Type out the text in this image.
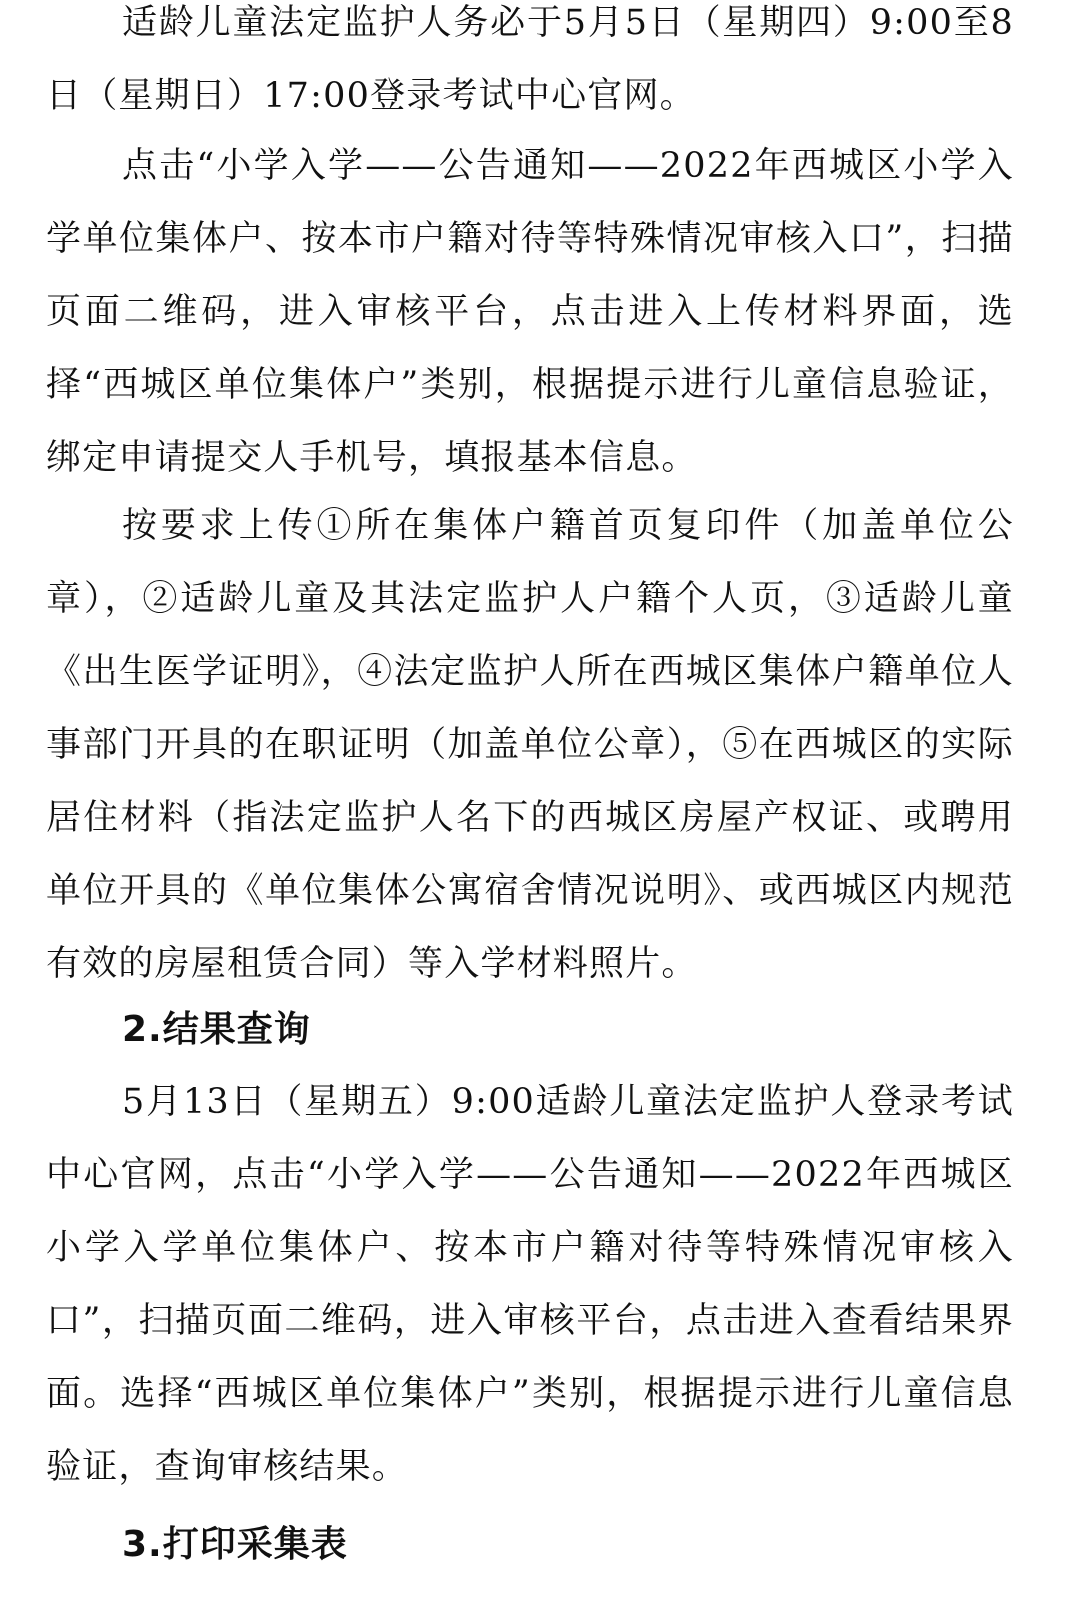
适龄儿童法定监护人务必于5月5日（星期四）9:00至8日（星期日）17:00登录考试中心官网。

点击“小学入学——公告通知——2022年西城区小学入学单位集体户、按本市户籍对待等特殊情况审核入口”，扫描页面二维码，进入审核平台，点击进入上传材料界面，选择“西城区单位集体户”类别，根据提示进行儿童信息验证，绑定申请提交人手机号，填报基本信息。

按要求上传①所在集体户籍首页复印件（加盖单位公章），②适龄儿童及其法定监护人户籍个人页，③适龄儿童《出生医学证明》，④法定监护人所在西城区集体户籍单位人事部门开具的在职证明（加盖单位公章），⑤在西城区的实际居住材料（指法定监护人名下的西城区房屋产权证、或聘用单位开具的《单位集体公寓宿舍情况说明》、或西城区内规范有效的房屋租赁合同）等入学材料照片。

2.结果查询

5月13日（星期五）9:00适龄儿童法定监护人登录考试中心官网，点击“小学入学——公告通知——2022年西城区小学入学单位集体户、按本市户籍对待等特殊情况审核入口”，扫描页面二维码，进入审核平台，点击进入查看结果界面。选择“西城区单位集体户”类别，根据提示进行儿童信息验证，查询审核结果。

3.打印采集表
